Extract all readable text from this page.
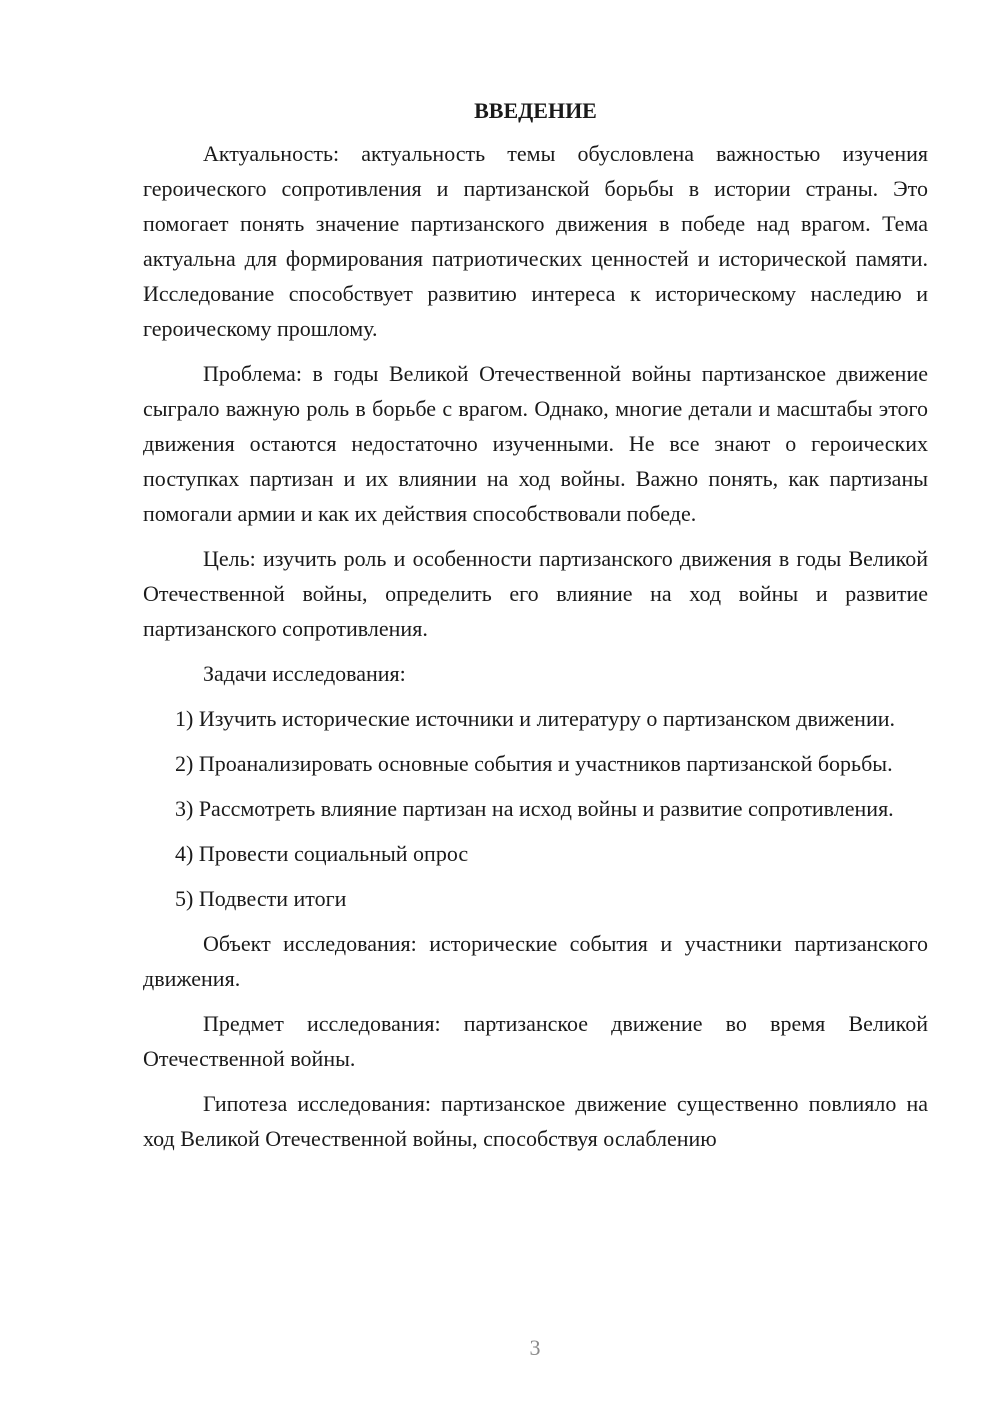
ВВЕДЕНИЕ

Актуальность: актуальность темы обусловлена важностью изучения героического сопротивления и партизанской борьбы в истории страны. Это помогает понять значение партизанского движения в победе над врагом. Тема актуальна для формирования патриотических ценностей и исторической памяти. Исследование способствует развитию интереса к историческому наследию и героическому прошлому.

Проблема: в годы Великой Отечественной войны партизанское движение сыграло важную роль в борьбе с врагом. Однако, многие детали и масштабы этого движения остаются недостаточно изученными. Не все знают о героических поступках партизан и их влиянии на ход войны. Важно понять, как партизаны помогали армии и как их действия способствовали победе.

Цель: изучить роль и особенности партизанского движения в годы Великой Отечественной войны, определить его влияние на ход войны и развитие партизанского сопротивления.

Задачи исследования:

1) Изучить исторические источники и литературу о партизанском движении.

2) Проанализировать основные события и участников партизанской борьбы.

3) Рассмотреть влияние партизан на исход войны и развитие сопротивления.

4) Провести социальный опрос

5) Подвести итоги

Объект исследования: исторические события и участники партизанского движения.

Предмет исследования: партизанское движение во время Великой Отечественной войны.

Гипотеза исследования: партизанское движение существенно повлияло на ход Великой Отечественной войны, способствуя ослаблению

3
